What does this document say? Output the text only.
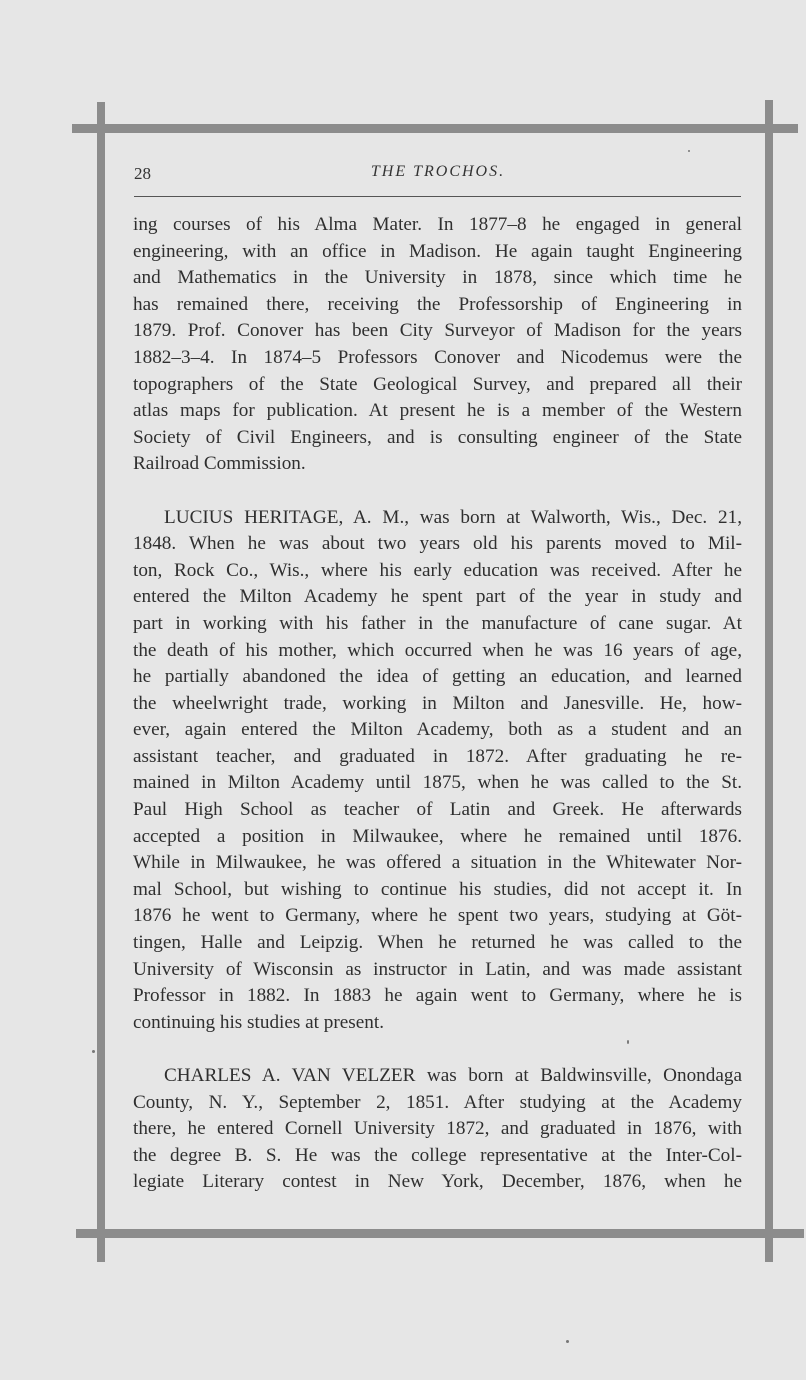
28	THE TROCHOS.
ing courses of his Alma Mater. In 1877–8 he engaged in general
engineering, with an office in Madison. He again taught Engineering
and Mathematics in the University in 1878, since which time he
has remained there, receiving the Professorship of Engineering in
1879. Prof. Conover has been City Surveyor of Madison for the years
1882–3–4. In 1874–5 Professors Conover and Nicodemus were the
topographers of the State Geological Survey, and prepared all their
atlas maps for publication. At present he is a member of the Western
Society of Civil Engineers, and is consulting engineer of the State
Railroad Commission.
LUCIUS HERITAGE, A. M., was born at Walworth, Wis., Dec. 21,
1848. When he was about two years old his parents moved to Mil-
ton, Rock Co., Wis., where his early education was received. After he
entered the Milton Academy he spent part of the year in study and
part in working with his father in the manufacture of cane sugar. At
the death of his mother, which occurred when he was 16 years of age,
he partially abandoned the idea of getting an education, and learned
the wheelwright trade, working in Milton and Janesville. He, how-
ever, again entered the Milton Academy, both as a student and an
assistant teacher, and graduated in 1872. After graduating he re-
mained in Milton Academy until 1875, when he was called to the St.
Paul High School as teacher of Latin and Greek. He afterwards
accepted a position in Milwaukee, where he remained until 1876.
While in Milwaukee, he was offered a situation in the Whitewater Nor-
mal School, but wishing to continue his studies, did not accept it. In
1876 he went to Germany, where he spent two years, studying at Göt-
tingen, Halle and Leipzig. When he returned he was called to the
University of Wisconsin as instructor in Latin, and was made assistant
Professor in 1882. In 1883 he again went to Germany, where he is
continuing his studies at present.
CHARLES A. VAN VELZER was born at Baldwinsville, Onondaga
County, N. Y., September 2, 1851. After studying at the Academy
there, he entered Cornell University 1872, and graduated in 1876, with
the degree B. S. He was the college representative at the Inter-Col-
legiate Literary contest in New York, December, 1876, when he
